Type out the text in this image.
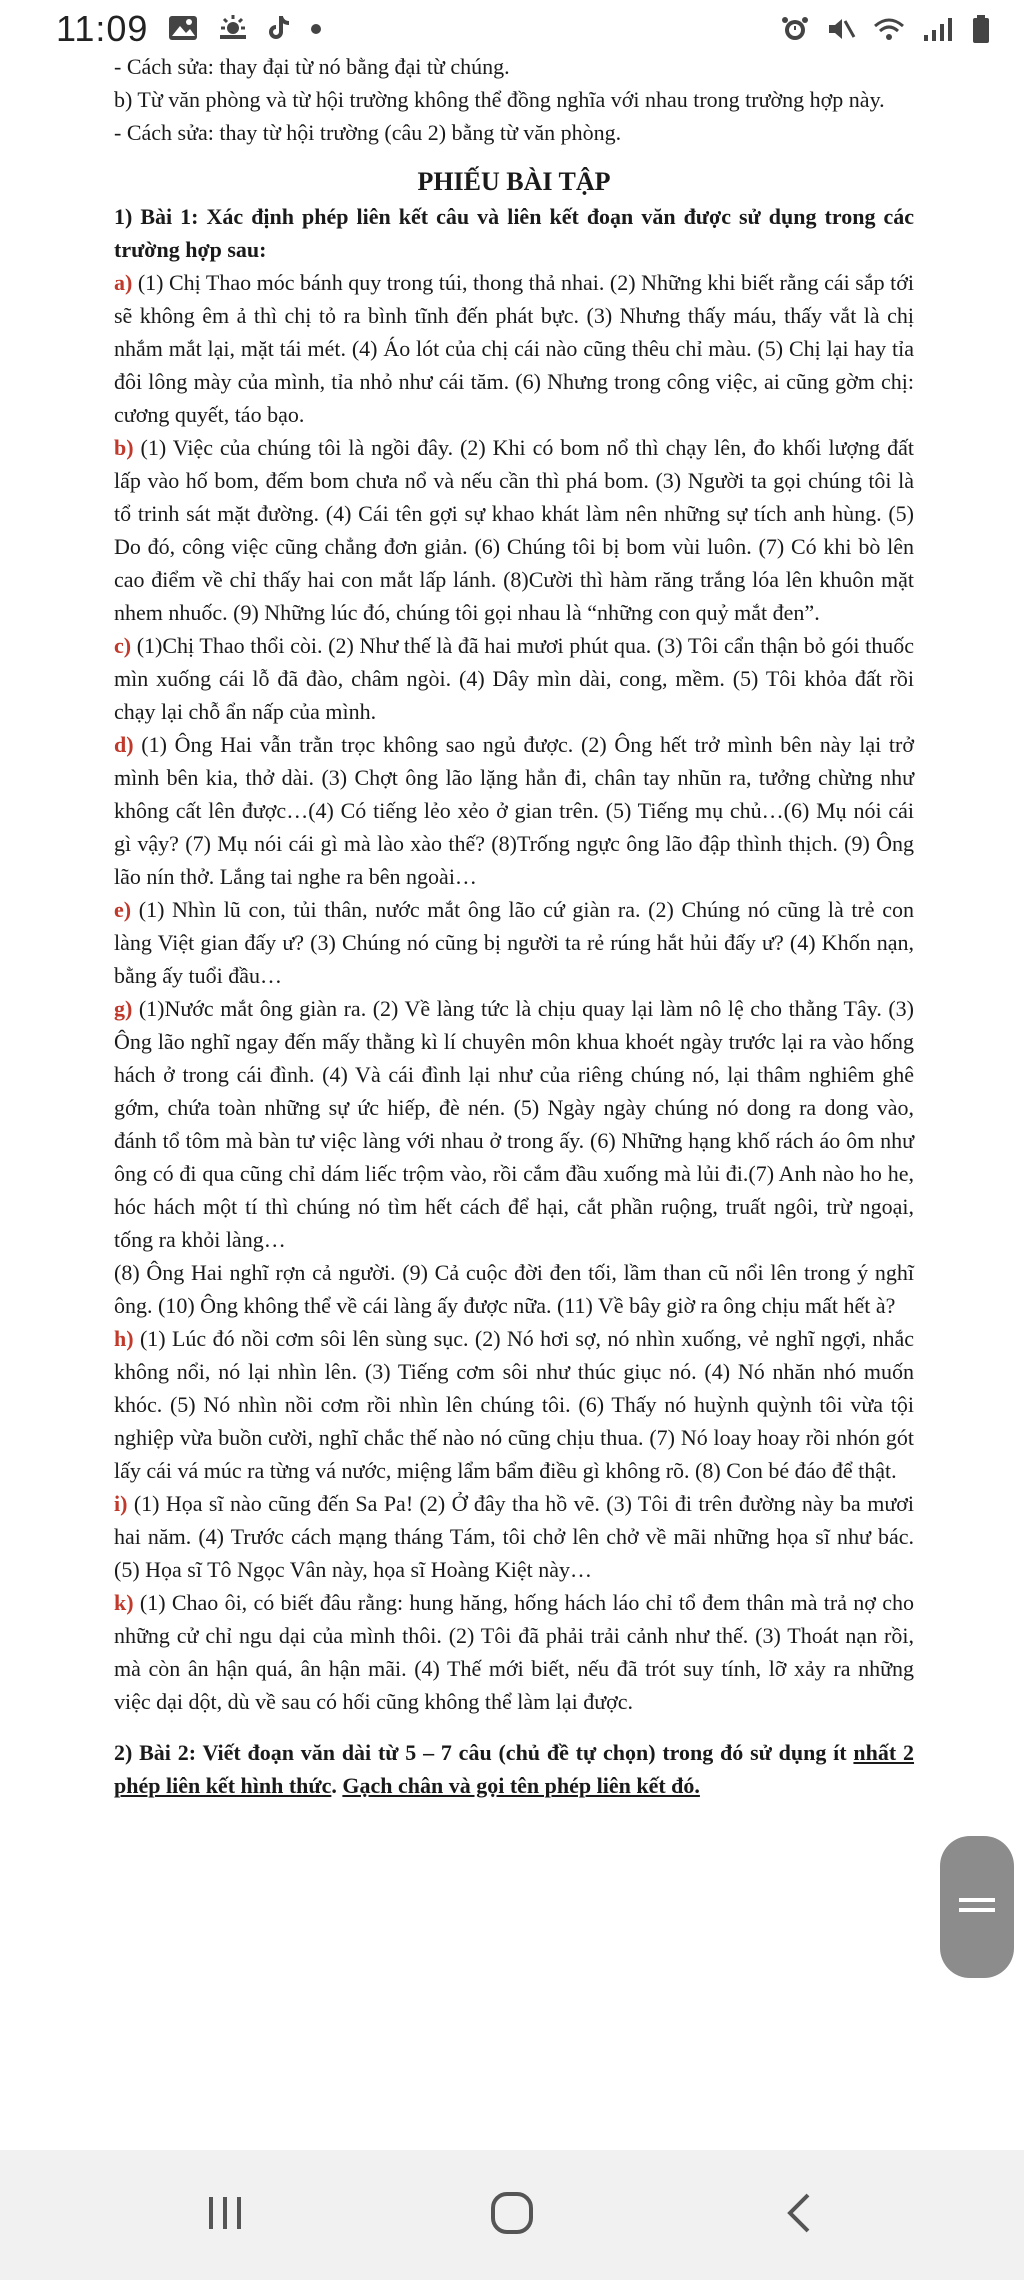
11:09

- Cách sửa: thay đại từ nó bằng đại từ chúng.

b) Từ văn phòng và từ hội trường không thể đồng nghĩa với nhau trong trường hợp này.

- Cách sửa: thay từ hội trường (câu 2) bằng từ văn phòng.

PHIẾU BÀI TẬP

1) Bài 1: Xác định phép liên kết câu và liên kết đoạn văn được sử dụng trong các trường hợp sau:

a) (1) Chị Thao móc bánh quy trong túi, thong thả nhai. (2) Những khi biết rằng cái sắp tới sẽ không êm ả thì chị tỏ ra bình tĩnh đến phát bực. (3) Nhưng thấy máu, thấy vắt là chị nhắm mắt lại, mặt tái mét. (4) Áo lót của chị cái nào cũng thêu chỉ màu. (5) Chị lại hay tỉa đôi lông mày của mình, tỉa nhỏ như cái tăm. (6) Nhưng trong công việc, ai cũng gờm chị: cương quyết, táo bạo.

b) (1) Việc của chúng tôi là ngồi đây. (2) Khi có bom nổ thì chạy lên, đo khối lượng đất lấp vào hố bom, đếm bom chưa nổ và nếu cần thì phá bom. (3) Người ta gọi chúng tôi là tổ trinh sát mặt đường. (4) Cái tên gợi sự khao khát làm nên những sự tích anh hùng. (5) Do đó, công việc cũng chẳng đơn giản. (6) Chúng tôi bị bom vùi luôn. (7) Có khi bò lên cao điểm về chỉ thấy hai con mắt lấp lánh. (8)Cười thì hàm răng trắng lóa lên khuôn mặt nhem nhuốc. (9) Những lúc đó, chúng tôi gọi nhau là “những con quỷ mắt đen”.

c) (1)Chị Thao thổi còi. (2) Như thế là đã hai mươi phút qua. (3) Tôi cẩn thận bỏ gói thuốc mìn xuống cái lỗ đã đào, châm ngòi. (4) Dây mìn dài, cong, mềm. (5) Tôi khỏa đất rồi chạy lại chỗ ẩn nấp của mình.

d) (1) Ông Hai vẫn trằn trọc không sao ngủ được. (2) Ông hết trở mình bên này lại trở mình bên kia, thở dài. (3) Chợt ông lão lặng hẳn đi, chân tay nhũn ra, tưởng chừng như không cất lên được…(4) Có tiếng lẻo xẻo ở gian trên. (5) Tiếng mụ chủ…(6) Mụ nói cái gì vậy? (7) Mụ nói cái gì mà lào xào thế? (8)Trống ngực ông lão đập thình thịch. (9) Ông lão nín thở. Lắng tai nghe ra bên ngoài…

e) (1) Nhìn lũ con, tủi thân, nước mắt ông lão cứ giàn ra. (2) Chúng nó cũng là trẻ con làng Việt gian đấy ư? (3) Chúng nó cũng bị người ta rẻ rúng hắt hủi đấy ư? (4) Khốn nạn, bằng ấy tuổi đầu…

g) (1)Nước mắt ông giàn ra. (2) Về làng tức là chịu quay lại làm nô lệ cho thằng Tây. (3) Ông lão nghĩ ngay đến mấy thằng kì lí chuyên môn khua khoét ngày trước lại ra vào hống hách ở trong cái đình. (4) Và cái đình lại như của riêng chúng nó, lại thâm nghiêm ghê gớm, chứa toàn những sự ức hiếp, đè nén. (5) Ngày ngày chúng nó dong ra dong vào, đánh tổ tôm mà bàn tư việc làng với nhau ở trong ấy. (6) Những hạng khố rách áo ôm như ông có đi qua cũng chỉ dám liếc trộm vào, rồi cắm đầu xuống mà lủi đi.(7) Anh nào ho he, hóc hách một tí thì chúng nó tìm hết cách để hại, cắt phần ruộng, truất ngôi, trừ ngoại, tống ra khỏi làng…

(8) Ông Hai nghĩ rợn cả người. (9) Cả cuộc đời đen tối, lầm than cũ nổi lên trong ý nghĩ ông. (10) Ông không thể về cái làng ấy được nữa. (11) Về bây giờ ra ông chịu mất hết à?

h) (1) Lúc đó nồi cơm sôi lên sùng sục. (2) Nó hơi sợ, nó nhìn xuống, vẻ nghĩ ngợi, nhắc không nổi, nó lại nhìn lên. (3) Tiếng cơm sôi như thúc giục nó. (4) Nó nhăn nhó muốn khóc. (5) Nó nhìn nồi cơm rồi nhìn lên chúng tôi. (6) Thấy nó huỳnh quỳnh tôi vừa tội nghiệp vừa buồn cười, nghĩ chắc thế nào nó cũng chịu thua. (7) Nó loay hoay rồi nhón gót lấy cái vá múc ra từng vá nước, miệng lẩm bẩm điều gì không rõ. (8) Con bé đáo để thật.

i) (1) Họa sĩ nào cũng đến Sa Pa! (2) Ở đây tha hồ vẽ. (3) Tôi đi trên đường này ba mươi hai năm. (4) Trước cách mạng tháng Tám, tôi chở lên chở về mãi những họa sĩ như bác. (5) Họa sĩ Tô Ngọc Vân này, họa sĩ Hoàng Kiệt này…

k) (1) Chao ôi, có biết đâu rằng: hung hăng, hống hách láo chỉ tổ đem thân mà trả nợ cho những cử chỉ ngu dại của mình thôi. (2) Tôi đã phải trải cảnh như thế. (3) Thoát nạn rồi, mà còn ân hận quá, ân hận mãi. (4) Thế mới biết, nếu đã trót suy tính, lỡ xảy ra những việc dại dột, dù về sau có hối cũng không thể làm lại được.

2) Bài 2: Viết đoạn văn dài từ 5 – 7 câu (chủ đề tự chọn) trong đó sử dụng ít nhất 2 phép liên kết hình thức. Gạch chân và gọi tên phép liên kết đó.
